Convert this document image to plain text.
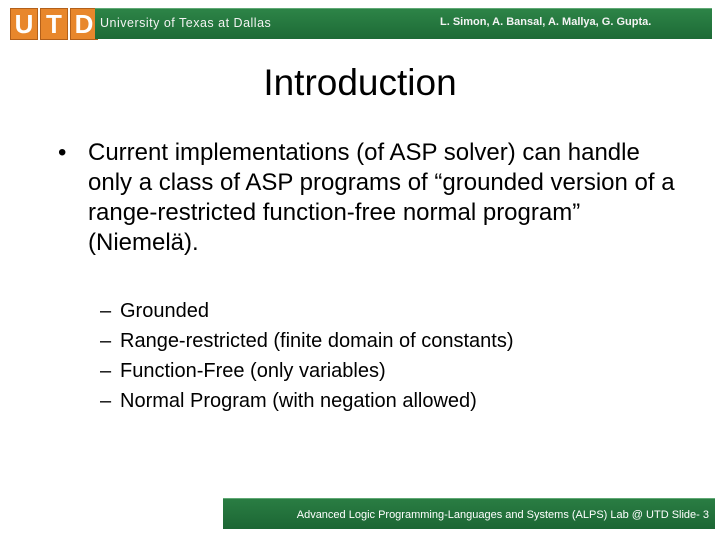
U T D University of Texas at Dallas	L. Simon, A. Bansal, A. Mallya, G. Gupta.
Introduction
• Current implementations (of ASP solver) can handle only a class of ASP programs of “grounded version of a range-restricted function-free normal program” (Niemelä).
– Grounded
– Range-restricted (finite domain of constants)
– Function-Free (only variables)
– Normal Program (with negation allowed)
Advanced Logic Programming-Languages and Systems (ALPS) Lab @ UTD Slide- 3
